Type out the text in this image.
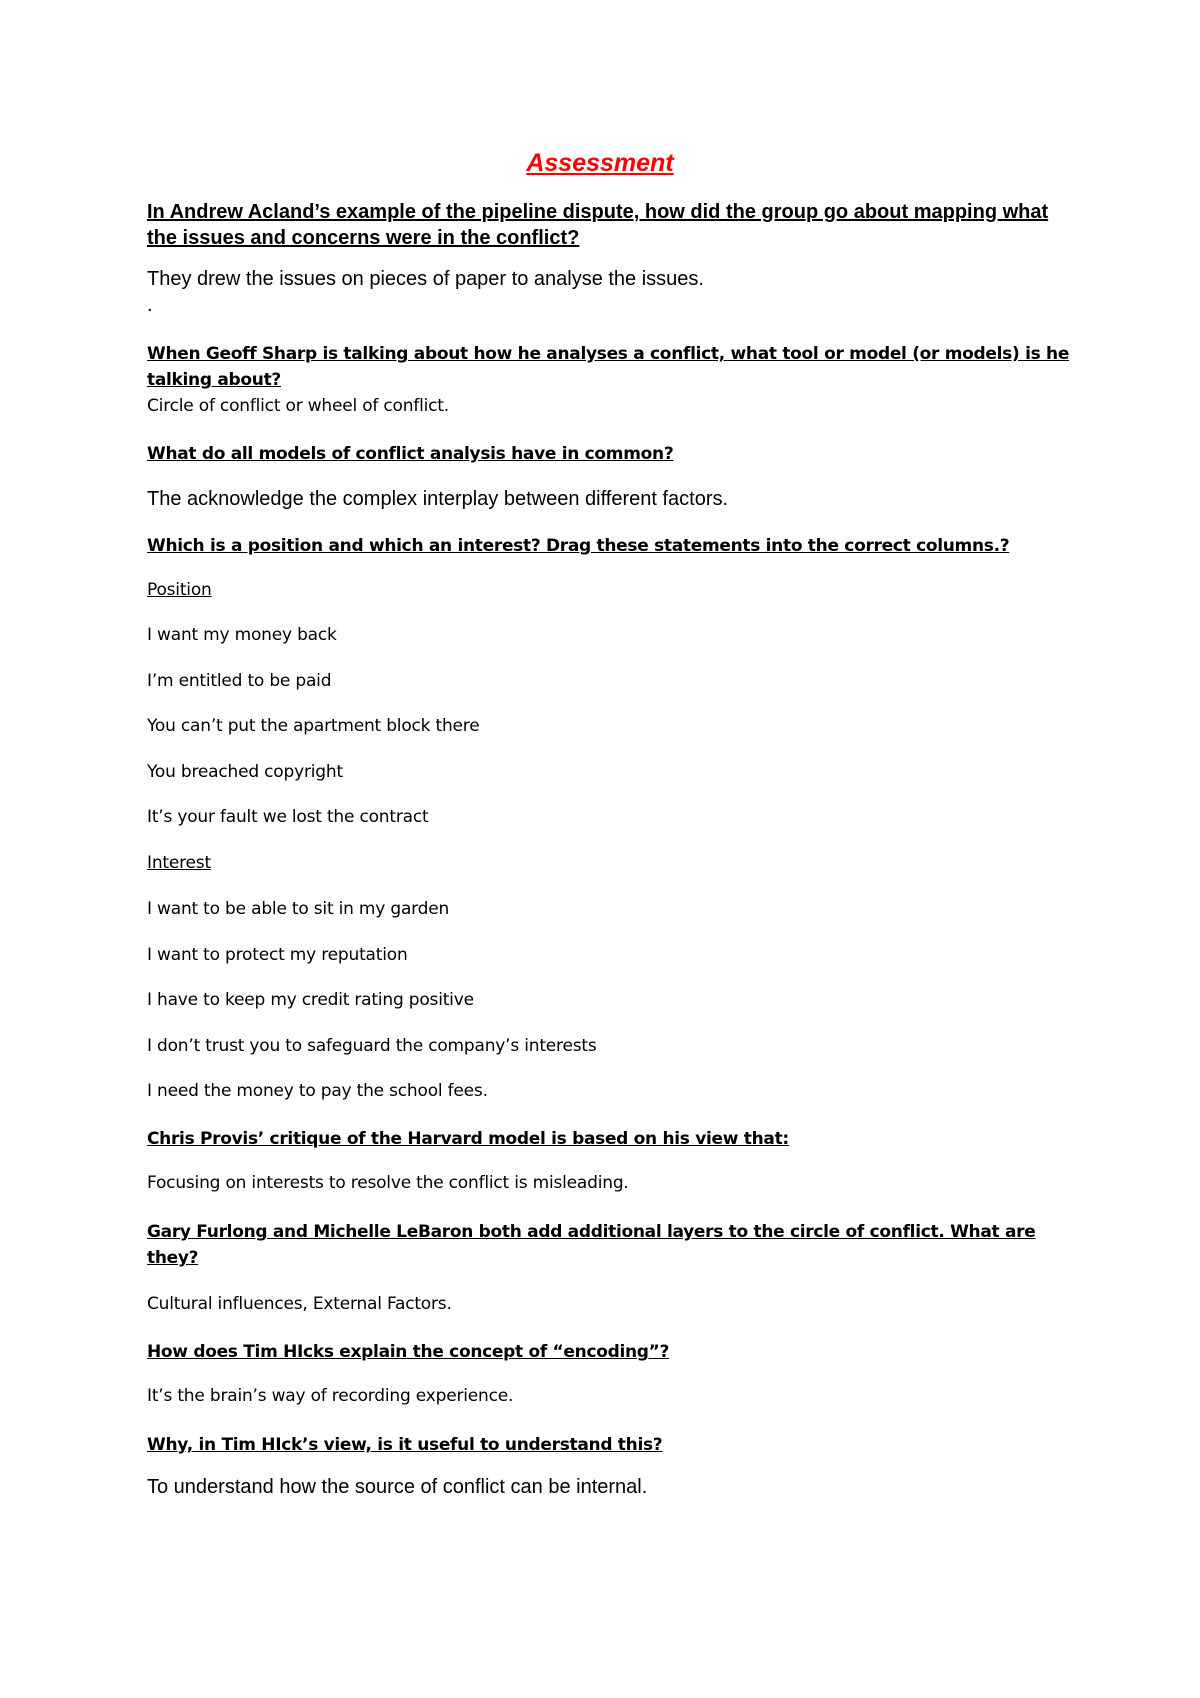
Assessment
In Andrew Acland’s example of the pipeline dispute, how did the group go about mapping what the issues and concerns were in the conflict?
They drew the issues on pieces of paper to analyse the issues.
.
When Geoff Sharp is talking about how he analyses a conflict, what tool or model (or models) is he talking about?
Circle of conflict or wheel of conflict.
What do all models of conflict analysis have in common?
The acknowledge the complex interplay between different factors.
Which is a position and which an interest? Drag these statements into the correct columns.?
Position
I want my money back
I’m entitled to be paid
You can’t put the apartment block there
You breached copyright
It’s your fault we lost the contract
Interest
I want to be able to sit in my garden
I want to protect my reputation
I have to keep my credit rating positive
I don’t trust you to safeguard the company’s interests
I need the money to pay the school fees.
Chris Provis’ critique of the Harvard model is based on his view that:
Focusing on interests to resolve the conflict is misleading.
Gary Furlong and Michelle LeBaron both add additional layers to the circle of conflict. What are they?
Cultural influences, External Factors.
How does Tim HIcks explain the concept of “encoding”?
It’s the brain’s way of recording experience.
Why, in Tim HIck’s view, is it useful to understand this?
To understand how the source of conflict can be internal.
